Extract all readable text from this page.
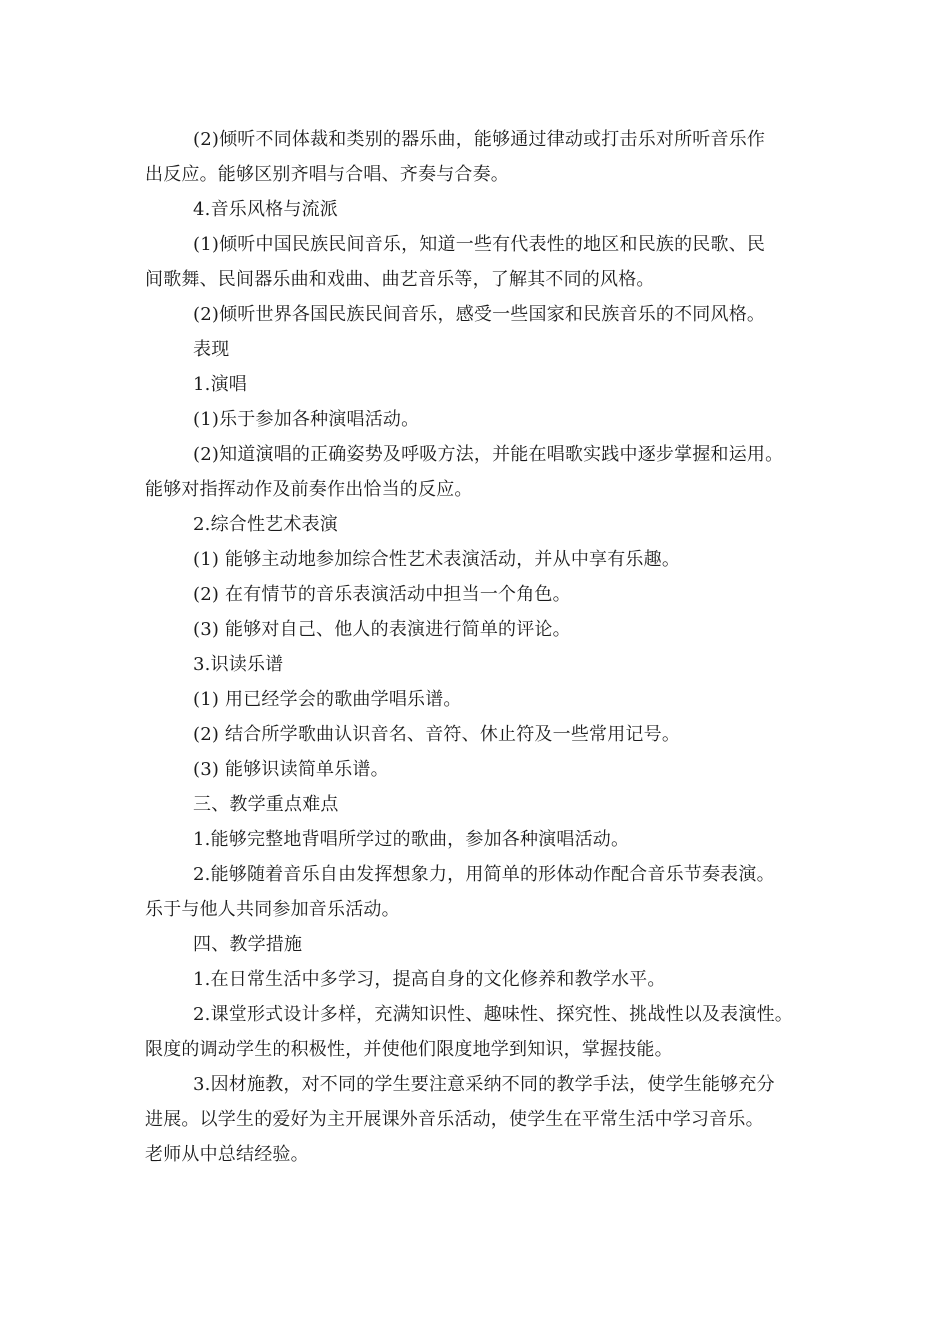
(2)倾听不同体裁和类别的器乐曲，能够通过律动或打击乐对所听音乐作
出反应。能够区别齐唱与合唱、齐奏与合奏。
4.音乐风格与流派
(1)倾听中国民族民间音乐，知道一些有代表性的地区和民族的民歌、民
间歌舞、民间器乐曲和戏曲、曲艺音乐等，了解其不同的风格。
(2)倾听世界各国民族民间音乐，感受一些国家和民族音乐的不同风格。
表现
1.演唱
(1)乐于参加各种演唱活动。
(2)知道演唱的正确姿势及呼吸方法，并能在唱歌实践中逐步掌握和运用。
能够对指挥动作及前奏作出恰当的反应。
2.综合性艺术表演
(1) 能够主动地参加综合性艺术表演活动，并从中享有乐趣。
(2) 在有情节的音乐表演活动中担当一个角色。
(3) 能够对自己、他人的表演进行简单的评论。
3.识读乐谱
(1) 用已经学会的歌曲学唱乐谱。
(2) 结合所学歌曲认识音名、音符、休止符及一些常用记号。
(3) 能够识读简单乐谱。
三、教学重点难点
1.能够完整地背唱所学过的歌曲，参加各种演唱活动。
2.能够随着音乐自由发挥想象力，用简单的形体动作配合音乐节奏表演。
乐于与他人共同参加音乐活动。
四、教学措施
1.在日常生活中多学习，提高自身的文化修养和教学水平。
2.课堂形式设计多样，充满知识性、趣味性、探究性、挑战性以及表演性。
限度的调动学生的积极性，并使他们限度地学到知识，掌握技能。
3.因材施教，对不同的学生要注意采纳不同的教学手法，使学生能够充分
进展。以学生的爱好为主开展课外音乐活动，使学生在平常生活中学习音乐。
老师从中总结经验。
